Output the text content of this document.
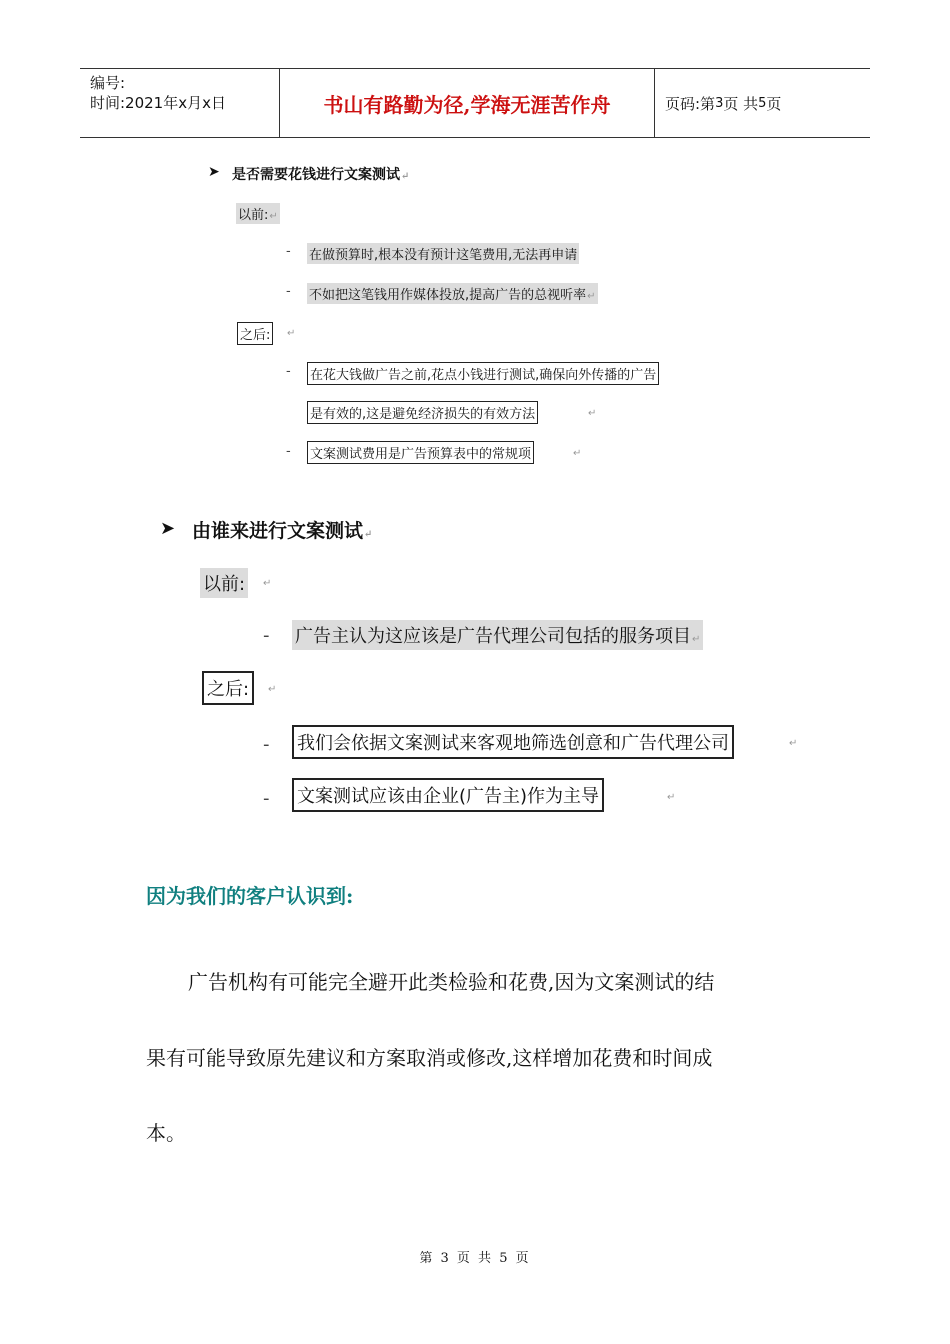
编号:
时间:2021年x月x日	书山有路勤为径,学海无涯苦作舟	页码:第 3 页 共 5 页
➤ 是否需要花钱进行文案测试↵
以前:↵
- 在做预算时,根本没有预计这笔费用,无法再申请
- 不如把这笔钱用作媒体投放,提高广告的总视听率↵
之后:	↵
- 在花大钱做广告之前,花点小钱进行测试,确保向外传播的广告
是有效的,这是避免经济损失的有效方法	↵
- 文案测试费用是广告预算表中的常规项	↵
➤ 由谁来进行文案测试↵
以前:	↵
- 广告主认为这应该是广告代理公司包括的服务项目↵
之后:	↵
- 我们会依据文案测试来客观地筛选创意和广告代理公司	↵
- 文案测试应该由企业(广告主)作为主导	↵
因为我们的客户认识到:
广告机构有可能完全避开此类检验和花费,因为文案测试的结
果有可能导致原先建议和方案取消或修改,这样增加花费和时间成
本。
第 3 页 共 5 页
